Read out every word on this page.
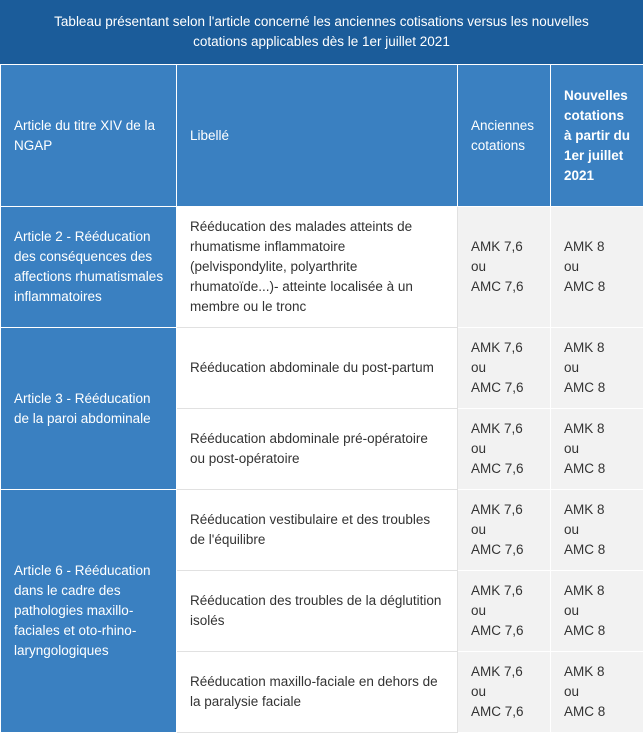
Tableau présentant selon l'article concerné les anciennes cotisations versus les nouvelles
cotations applicables dès le 1er juillet 2021
Article du titre XIV de la NGAP	Libellé	Anciennes cotations	Nouvelles cotations à partir du 1er juillet 2021
Article 2 - Rééducation des conséquences des affections rhumatismales inflammatoires	Rééducation des malades atteints de rhumatisme inflammatoire (pelvispondylite, polyarthrite rhumatoïde...)- atteinte localisée à un membre ou le tronc	AMK 7,6
ou
AMC 7,6	AMK 8
ou
AMC 8

Article 3 - Rééducation de la paroi abdominale	Rééducation abdominale du post-partum	AMK 7,6
ou
AMC 7,6	AMK 8
ou
AMC 8

	Rééducation abdominale pré-opératoire ou post-opératoire	AMK 7,6
ou
AMC 7,6	AMK 8
ou
AMC 8

Article 6 - Rééducation dans le cadre des pathologies maxillo-faciales et oto-rhino-laryngologiques	Rééducation vestibulaire et des troubles de l'équilibre	AMK 7,6
ou
AMC 7,6	AMK 8
ou
AMC 8

	Rééducation des troubles de la déglutition isolés	AMK 7,6
ou
AMC 7,6	AMK 8
ou
AMC 8

	Rééducation maxillo-faciale en dehors de la paralysie faciale	AMK 7,6
ou
AMC 7,6	AMK 8
ou
AMC 8
